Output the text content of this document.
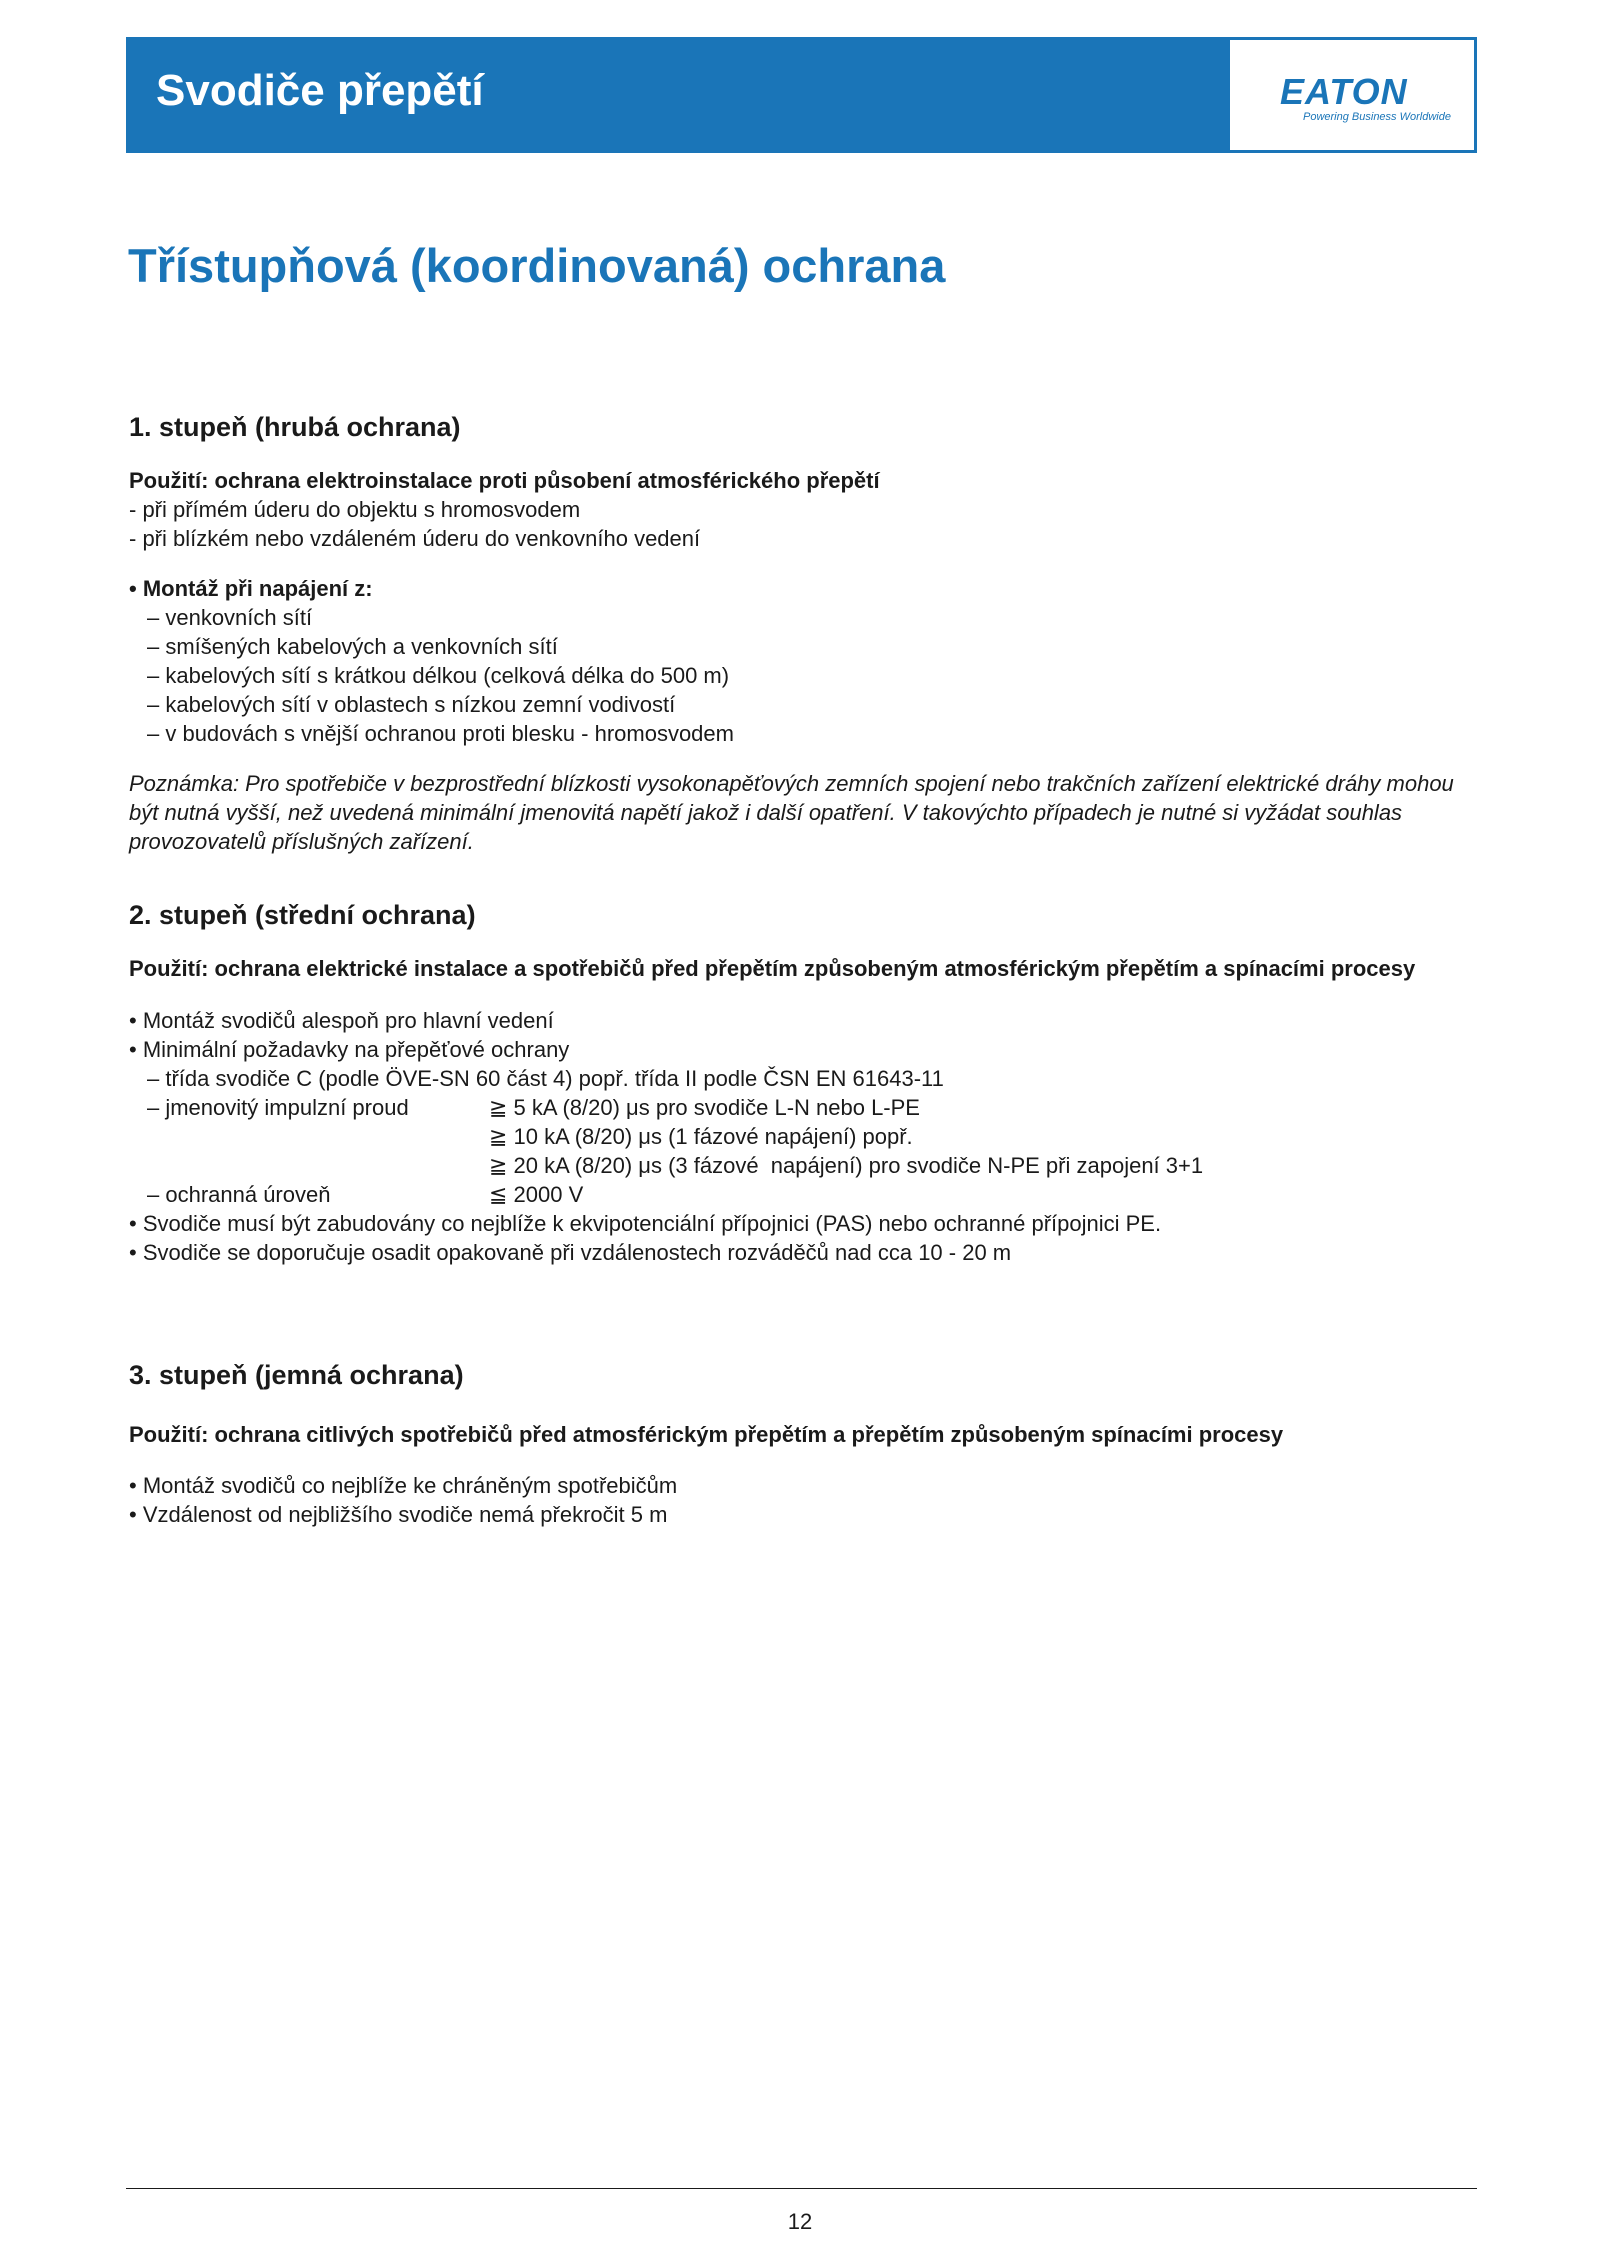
Svodiče přepětí	EATON
Powering Business Worldwide
Třístupňová (koordinovaná) ochrana
1. stupeň (hrubá ochrana)
Použití: ochrana elektroinstalace proti působení atmosférického přepětí
- při přímém úderu do objektu s hromosvodem
- při blízkém nebo vzdáleném úderu do venkovního vedení
• Montáž při napájení z:
– venkovních sítí
– smíšených kabelových a venkovních sítí
– kabelových sítí s krátkou délkou (celková délka do 500 m)
– kabelových sítí v oblastech s nízkou zemní vodivostí
– v budovách s vnější ochranou proti blesku - hromosvodem
Poznámka: Pro spotřebiče v bezprostřední blízkosti vysokonapěťových zemních spojení nebo trakčních zařízení elektrické dráhy mohou být nutná vyšší, než uvedená minimální jmenovitá napětí jakož i další opatření. V takovýchto případech je nutné si vyžádat souhlas provozovatelů příslušných zařízení.
2. stupeň (střední ochrana)
Použití: ochrana elektrické instalace a spotřebičů před přepětím způsobeným atmosférickým přepětím a spínacími procesy
• Montáž svodičů alespoň pro hlavní vedení
• Minimální požadavky na přepěťové ochrany
– třída svodiče C (podle ÖVE-SN 60 část 4) popř. třída II podle ČSN EN 61643-11
– jmenovitý impulzní proud	≧ 5 kA (8/20) μs pro svodiče L-N nebo L-PE
≧ 10 kA (8/20) μs (1 fázové napájení) popř.
≧ 20 kA (8/20) μs (3 fázové  napájení) pro svodiče N-PE při zapojení 3+1
– ochranná úroveň	≦ 2000 V
• Svodiče musí být zabudovány co nejblíže k ekvipotenciální přípojnici (PAS) nebo ochranné přípojnici PE.
• Svodiče se doporučuje osadit opakovaně při vzdálenostech rozváděčů nad cca 10 - 20 m
3. stupeň (jemná ochrana)
Použití: ochrana citlivých spotřebičů před atmosférickým přepětím a přepětím způsobeným spínacími procesy
• Montáž svodičů co nejblíže ke chráněným spotřebičům
• Vzdálenost od nejbližšího svodiče nemá překročit 5 m
12
